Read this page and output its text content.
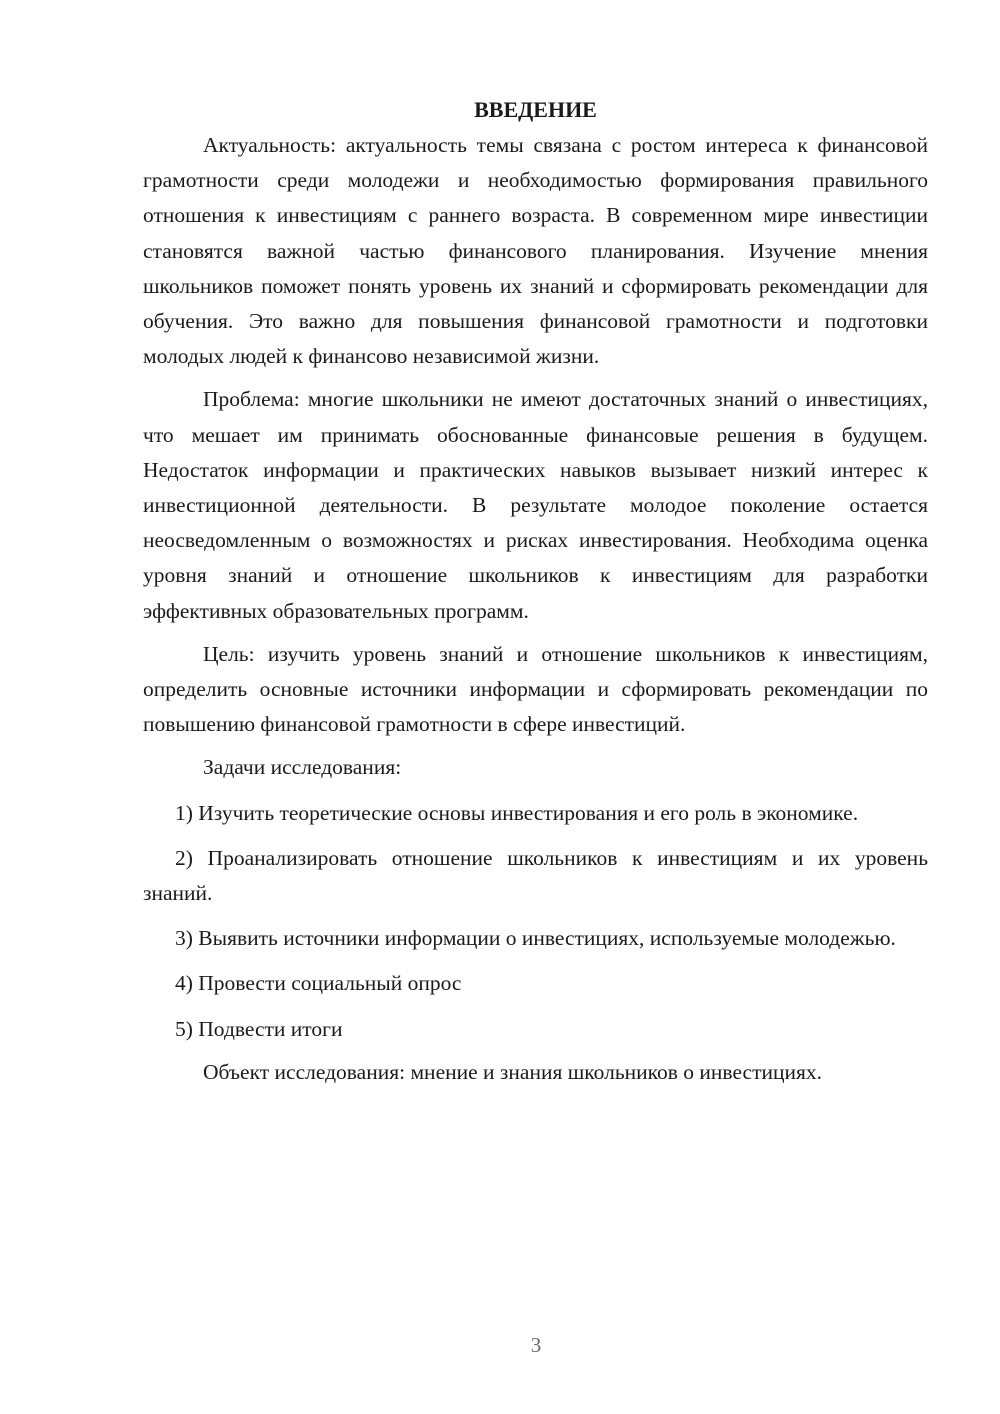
ВВЕДЕНИЕ

Актуальность: актуальность темы связана с ростом интереса к финансовой грамотности среди молодежи и необходимостью формирования правильного отношения к инвестициям с раннего возраста. В современном мире инвестиции становятся важной частью финансового планирования. Изучение мнения школьников поможет понять уровень их знаний и сформировать рекомендации для обучения. Это важно для повышения финансовой грамотности и подготовки молодых людей к финансово независимой жизни.

Проблема: многие школьники не имеют достаточных знаний о инвестициях, что мешает им принимать обоснованные финансовые решения в будущем. Недостаток информации и практических навыков вызывает низкий интерес к инвестиционной деятельности. В результате молодое поколение остается неосведомленным о возможностях и рисках инвестирования. Необходима оценка уровня знаний и отношение школьников к инвестициям для разработки эффективных образовательных программ.

Цель: изучить уровень знаний и отношение школьников к инвестициям, определить основные источники информации и сформировать рекомендации по повышению финансовой грамотности в сфере инвестиций.

Задачи исследования:

1) Изучить теоретические основы инвестирования и его роль в экономике.

2) Проанализировать отношение школьников к инвестициям и их уровень знаний.

3) Выявить источники информации о инвестициях, используемые молодежью.

4) Провести социальный опрос

5) Подвести итоги

Объект исследования: мнение и знания школьников о инвестициях.

3
